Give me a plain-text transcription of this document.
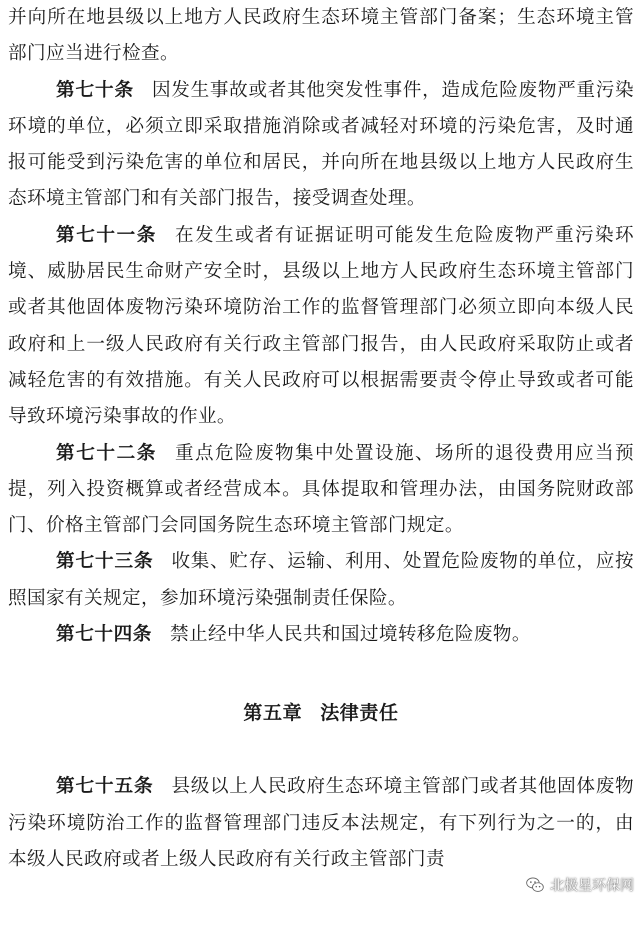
并向所在地县级以上地方人民政府生态环境主管部门备案；生态环境主管部门应当进行检查。

第七十条 因发生事故或者其他突发性事件，造成危险废物严重污染环境的单位，必须立即采取措施消除或者减轻对环境的污染危害，及时通报可能受到污染危害的单位和居民，并向所在地县级以上地方人民政府生态环境主管部门和有关部门报告，接受调查处理。

第七十一条 在发生或者有证据证明可能发生危险废物严重污染环境、威胁居民生命财产安全时，县级以上地方人民政府生态环境主管部门或者其他固体废物污染环境防治工作的监督管理部门必须立即向本级人民政府和上一级人民政府有关行政主管部门报告，由人民政府采取防止或者减轻危害的有效措施。有关人民政府可以根据需要责令停止导致或者可能导致环境污染事故的作业。

第七十二条 重点危险废物集中处置设施、场所的退役费用应当预提，列入投资概算或者经营成本。具体提取和管理办法，由国务院财政部门、价格主管部门会同国务院生态环境主管部门规定。

第七十三条 收集、贮存、运输、利用、处置危险废物的单位，应按照国家有关规定，参加环境污染强制责任保险。

第七十四条 禁止经中华人民共和国过境转移危险废物。

第五章 法律责任

第七十五条 县级以上人民政府生态环境主管部门或者其他固体废物污染环境防治工作的监督管理部门违反本法规定，有下列行为之一的，由本级人民政府或者上级人民政府有关行政主管部门责

北极星环保网
